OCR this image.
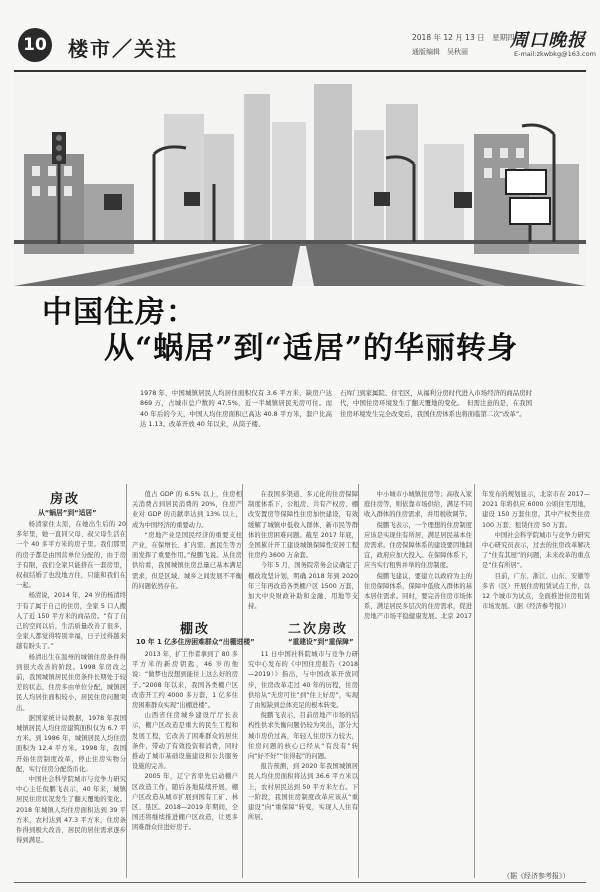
10 楼市／关注	2018 年 12 月 13 日　星期四
通版编辑　吴秋丽
周口晚报
E-mail:zkwbkg@163.com
中国住房：
从“蜗居”到“适居”的华丽转身
1978 年，中国城镇居民人均居住面积仅有 3.6 平方米，缺房户达 869 万，占城市总户数的 47.5%，近一半城镇居民无房可住。而 40 年后的今天，中国人均住房面积已高达 40.8 平方米，套户比高达 1.13。改革开放 40 年以来，从筒子楼、
石库门到家属院、住宅区，从福利分房时代进入市场经济的商品房时代，中国住房环境发生了翻天覆地的变化。　但需注意的是，在我国住房环境发生完全改变后，我国住房体系也将面临第二次“改革”。
房改
从“蜗居”到“适居”
棚改
10 年 1 亿多住房困难群众“出棚进楼”
二次房改
“重建设”到“重保障”

杨清家住太原，在她出生后的 20 多年里，她一直同父母、叔父母生活在一个 40 多平方米的房子里。我们那里的房子都是由国营单位分配的，由于房子有限，我们全家只能挤在一套房里，叔叔结婚了也没地方住，只能和我们在一起。

杨清说，2014 年，24 岁的杨清终于有了属于自己的住房，全家 5 口人搬入了近 150 平方米的商品房。“有了自己的空间以后，生活质量改善了很多，全家人都觉得特别幸福，日子过得越来越有盼头了。”

杨清出生在温州的城镇住房条件得到很大改善的阶段。1998 年房改之前，我国城镇居民住房条件长期处于较差的状态，住房多由单位分配，城镇居民人均居住面积较小，居民住房问题突出。

据国家统计局数据，1978 年我国城镇居民人均住房建筑面积仅为 6.7 平方米。到 1986 年，城镇居民人均住房面积为 12.4 平方米。1998 年，我国开始住房制度改革，停止住房实物分配，实行住房分配货币化。

中国社会科学院城市与竞争力研究中心主任倪鹏飞表示，40 年来，城镇居民住房状况发生了翻天覆地的变化。2018 年城镇人均住房面积达到 39 平方米，农村达到 47.3 平方米，住房条件得到极大改善，居民的居住需求逐步得到满足。

值占 GDP 的 6.5% 以上，住房相关消费占到居民消费的 20%，住房产业对 GDP 的贡献率达到 13% 以上，成为中国经济的重要动力。

“房地产业是国民经济的重要支柱产业，在保增长、扩内需、惠民生等方面发挥了重要作用。”倪鹏飞说。从住房供给看，我国城镇住房总量已基本满足需求，但是区域、城乡之间发展不平衡的问题依然存在。

2013 年，扩工作者拿到了 80 多平方米的新房钥匙，46 岁的他说：“做梦也没想到能住上这么好的房子。”2008 年以来，我国各类棚户区改造开工约 4000 多万套，1 亿多住房困难群众实现“出棚进楼”。

山西省住房城乡建设厅厅长表示，棚户区改造是重大的民生工程和发展工程，它改善了困难群众的居住条件，带动了有效投资和消费，同时推动了城市基础设施建设和公共服务设施的完善。

2005 年，辽宁省率先启动棚户区改造工作，随后各地陆续开展，棚户区改造从城市扩展到国有工矿、林区、垦区。2018—2019 年期间，全国还将继续推进棚户区改造，让更多困难群众住进好房子。

在我国多渠道、多元化的住房保障制度体系下，公租房、共有产权房、棚改安置房等保障性住房加快建设，有效缓解了城镇中低收入群体、新市民等群体的住房困难问题。截至 2017 年底，全国累计开工建设城镇保障性安居工程住房约 3600 万余套。

今年 5 月，国务院常务会议确定了棚改攻坚计划，明确 2018 年到 2020 年三年再改造各类棚户区 1500 万套，加大中央财政补助和金融、用地等支持。

11 日中国社科院城市与竞争力研究中心发布的《中国住房报告（2018—2019）》指出，与中国改革开放同步，住房改革走过 40 年的历程，住房供给从“无房可住”到“住上好房”，实现了由短缺到总体充足的根本转变。

倪鹏飞表示，目前房地产市场的结构性供求失衡问题仍较为突出，部分大城市房价过高，年轻人住房压力较大，住房问题的核心已经从“有没有”转向“好不好”“住得起”的问题。

报告预测，到 2020 年我国城镇居民人均住房面积将达到 36.6 平方米以上，农村居民达到 50 平方米左右。下一阶段，我国住房制度改革应该从“重建设”向“重保障”转变，实现人人住有所居。

中小城市小城镇住房等；高收入家庭住房等，则依靠市场供给，满足不同收入群体的住房需求，并用税收调节。

倪鹏飞表示，一个理想的住房制度应该是实现住有所居，满足居民基本住房需求。住房保障体系的建设要因地制宜，政府应加大投入。在保障体系下，应当实行租售并举的住房制度。

倪鹏飞建议，要建立以政府为主的住房保障体系，保障中低收入群体的基本居住需求。同时，要完善住房市场体系，满足居民多层次的住房需求，促进房地产市场平稳健康发展。北京 2017 年发布的规划显示，北京市在 2017—2021 年将供应 6000 公顷住宅用地，建设 150 万套住房，其中产权类住房 100 万套、租赁住房 50 万套。

中国社会科学院城市与竞争力研究中心研究员表示，过去的住房改革解决了“住有其屋”的问题，未来改革的重点是“住有所居”。

目前，广东、浙江、山东、安徽等多省（区）开展住房租赁试点工作，以 12 个城市为试点，全面推进住房租赁市场发展。（据《经济参考报》）

（据《经济参考报》）
